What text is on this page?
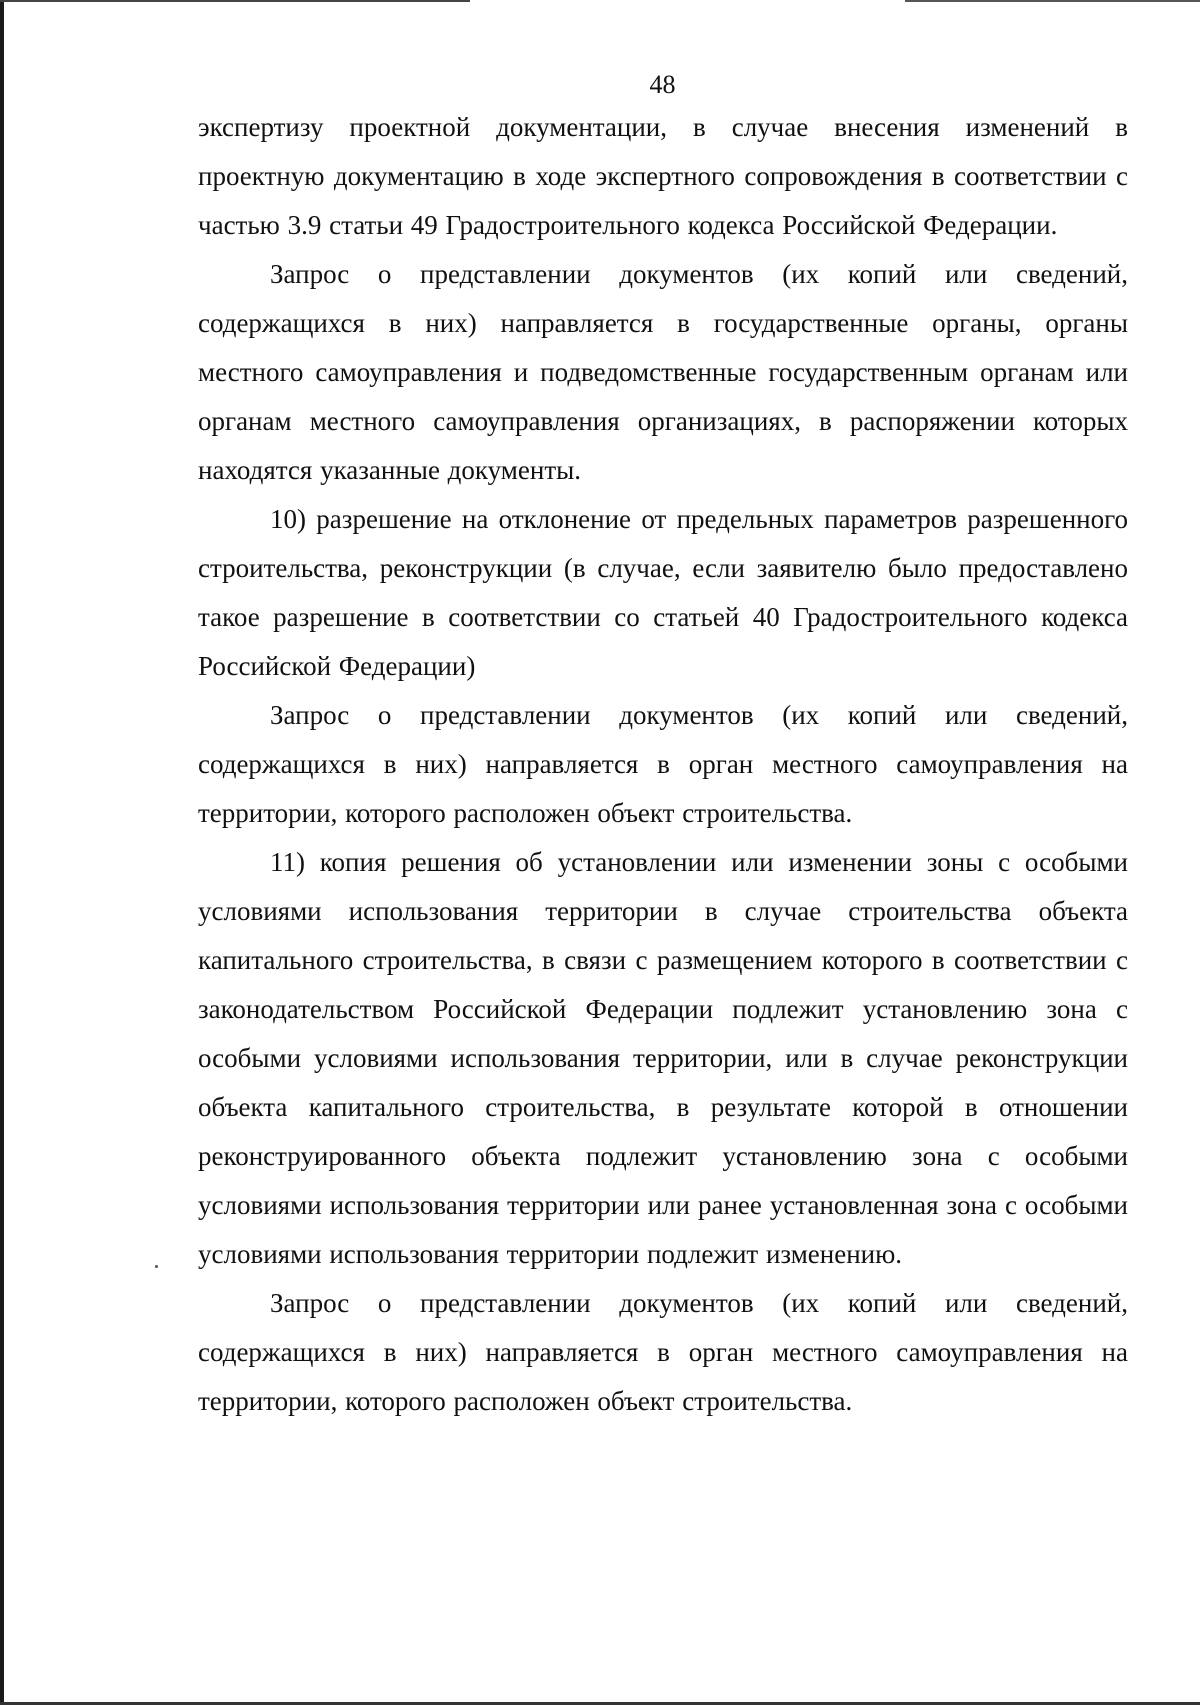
48

экспертизу проектной документации, в случае внесения изменений в проектную документацию в ходе экспертного сопровождения в соответствии с частью 3.9 статьи 49 Градостроительного кодекса Российской Федерации.

Запрос о представлении документов (их копий или сведений, содержащихся в них) направляется в государственные органы, органы местного самоуправления и подведомственные государственным органам или органам местного самоуправления организациях, в распоряжении которых находятся указанные документы.

10) разрешение на отклонение от предельных параметров разрешенного строительства, реконструкции (в случае, если заявителю было предоставлено такое разрешение в соответствии со статьей 40 Градостроительного кодекса Российской Федерации)

Запрос о представлении документов (их копий или сведений, содержащихся в них) направляется в орган местного самоуправления на территории, которого расположен объект строительства.

11) копия решения об установлении или изменении зоны с особыми условиями использования территории в случае строительства объекта капитального строительства, в связи с размещением которого в соответствии с законодательством Российской Федерации подлежит установлению зона с особыми условиями использования территории, или в случае реконструкции объекта капитального строительства, в результате которой в отношении реконструированного объекта подлежит установлению зона с особыми условиями использования территории или ранее установленная зона с особыми условиями использования территории подлежит изменению.

Запрос о представлении документов (их копий или сведений, содержащихся в них) направляется в орган местного самоуправления на территории, которого расположен объект строительства.
